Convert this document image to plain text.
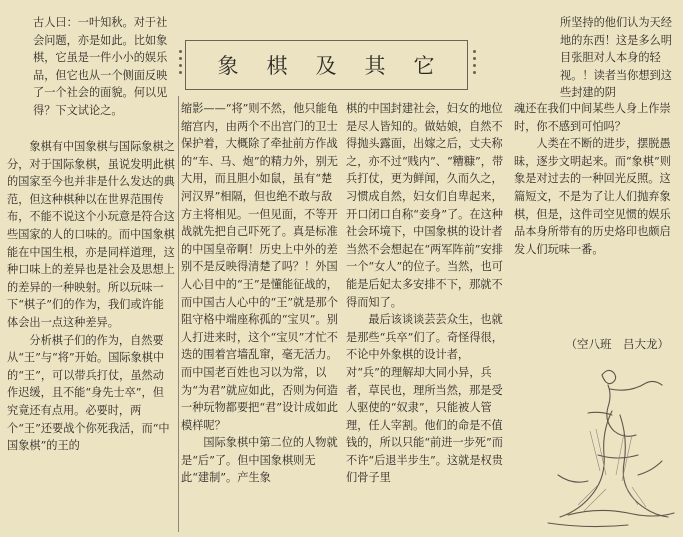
古人曰：一叶知秋。对于社会问题，亦是如此。比如象棋，它虽是一件小小的娱乐品，但它也从一个侧面反映了一个社会的面貌。何以见得？下文试论之。

象棋有中国象棋与国际象棋之分，对于国际象棋，虽说发明此棋的国家至今也并非是什么发达的典范，但这种棋种以在世界范围传布，不能不说这个小玩意是符合这些国家的人的口味的。而中国象棋能在中国生根，亦是同样道理，这种口味上的差异也是社会及思想上的差异的一种映射。所以玩味一下“棋子”们的作为，我们或许能体会出一点这种差异。

分析棋子们的作为，自然要从“王”与“将”开始。国际象棋中的“王”，可以带兵打仗，虽然动作迟缓，且不能“身先士卒”，但究竟还有点用。必要时，两个“王”还要战个你死我活，而“中国象棋”的王的

象 棋 及 其 它

缩影——“将”则不然，他只能龟缩宫内，由两个不出宫门的卫士保护着，大概除了牵扯前方作战的“车、马、炮”的精力外，别无大用，而且胆小如鼠，虽有“楚河汉界”相隔，但也绝不敢与敌方主将相见。一但见面，不等开战就先把自己吓死了。真是标准的中国皇帝啊！历史上中外的差别不是反映得清楚了吗？！外国人心目中的“王”是懂能征战的，而中国古人心中的“王”就是那个阻守格中端座称孤的“宝贝”。别人打进来时，这个“宝贝”才忙不迭的围着宫墙乱窜，毫无活力。而中国老百姓也习以为常，以为“为君”就应如此，否则为何造一种玩物都要把“君”设计成如此模样呢？

国际象棋中第二位的人物就是“后”了。但中国象棋则无此“建制”。产生象

棋的中国封建社会，妇女的地位是尽人皆知的。做姑娘，自然不得抛头露面，出嫁之后，丈夫称之，亦不过“贱内”、“糟糠”，带兵打仗，更为鲜闻，久而久之，习惯成自然，妇女们自卑起来，开口闭口自称“妾身”了。在这种社会环境下，中国象棋的设计者当然不会想起在“两军阵前”安排一个“女人”的位子。当然，也可能是后妃太多安排不下，那就不得而知了。

最后该谈谈芸芸众生，也就是那些“兵卒”们了。奇怪得很，不论中外象棋的设计者，对“兵”的理解却大同小异，兵者，草民也，理所当然，那是受人驱使的“奴隶”，只能被人管理，任人宰割。他们的命是不值钱的，所以只能“前进一步死”而不许“后退半步生”。这就是权贵们骨子里

所坚持的他们认为天经地的东西！这是多么明目张胆对人本身的轻视。！读者当你想到这些封建的阴

魂还在我们中间某些人身上作崇时，你不感到可怕吗？

人类在不断的进步，摆脱愚昧，逐步文明起来。而“象棋”则象是对过去的一种回光反照。这篇短文，不是为了让人们抛弃象棋，但是，这件司空见惯的娱乐品本身所带有的历史烙印也颇启发人们玩味一番。

（空八班　吕大龙）
